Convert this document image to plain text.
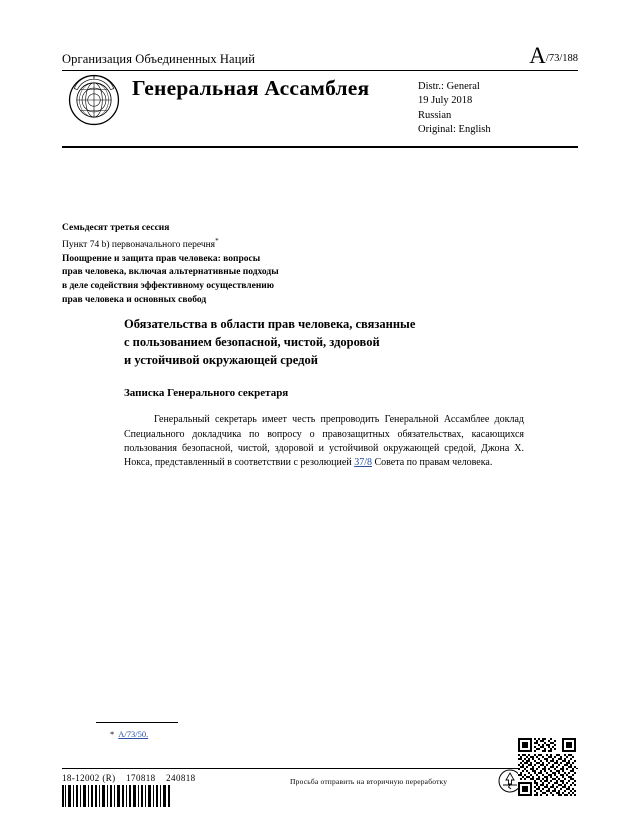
Организация Объединенных Наций	A/73/188
Генеральная Ассамблея	Distr.: General
19 July 2018
Russian
Original: English
Семьдесят третья сессия
Пункт 74 b) первоначального перечня*
Поощрение и защита прав человека: вопросы
прав человека, включая альтернативные подходы
в деле содействия эффективному осуществлению
прав человека и основных свобод
Обязательства в области прав человека, связанные
с пользованием безопасной, чистой, здоровой
и устойчивой окружающей средой
Записка Генерального секретаря

Генеральный секретарь имеет честь препроводить Генеральной Ассамблее доклад Специального докладчика по вопросу о правозащитных обязательствах, касающихся пользования безопасной, чистой, здоровой и устойчивой окружающей средой, Джона Х. Нокса, представленный в соответствии с резолюцией 37/8 Совета по правам человека.

* A/73/50.
18-12002 (R)    170818    240818	Просьба отправить на вторичную переработку
